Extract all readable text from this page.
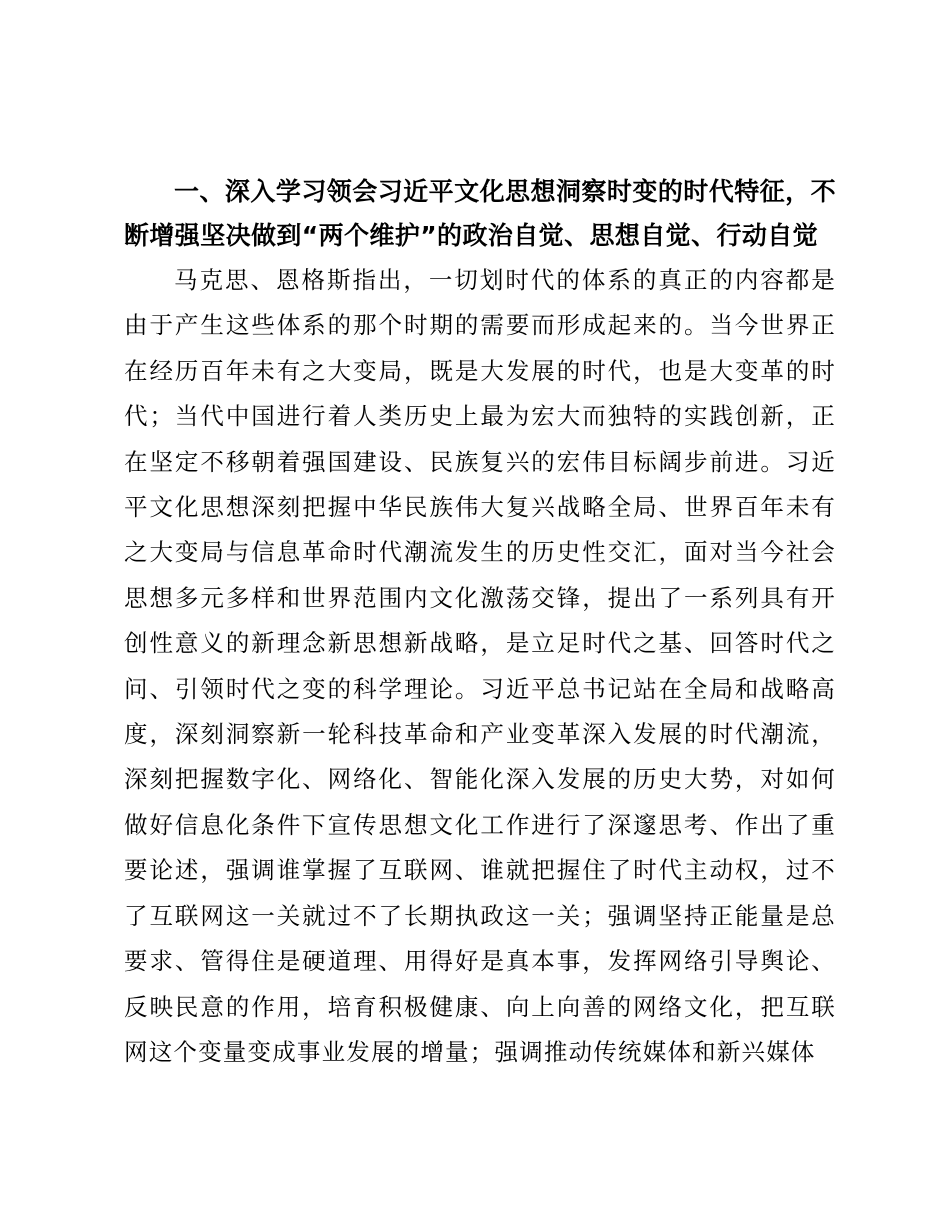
一、深入学习领会习近平文化思想洞察时变的时代特征，不断增强坚决做到“两个维护”的政治自觉、思想自觉、行动自觉

马克思、恩格斯指出，一切划时代的体系的真正的内容都是由于产生这些体系的那个时期的需要而形成起来的。当今世界正在经历百年未有之大变局，既是大发展的时代，也是大变革的时代；当代中国进行着人类历史上最为宏大而独特的实践创新，正在坚定不移朝着强国建设、民族复兴的宏伟目标阔步前进。习近平文化思想深刻把握中华民族伟大复兴战略全局、世界百年未有之大变局与信息革命时代潮流发生的历史性交汇，面对当今社会思想多元多样和世界范围内文化激荡交锋，提出了一系列具有开创性意义的新理念新思想新战略，是立足时代之基、回答时代之问、引领时代之变的科学理论。习近平总书记站在全局和战略高度，深刻洞察新一轮科技革命和产业变革深入发展的时代潮流，深刻把握数字化、网络化、智能化深入发展的历史大势，对如何做好信息化条件下宣传思想文化工作进行了深邃思考、作出了重要论述，强调谁掌握了互联网、谁就把握住了时代主动权，过不了互联网这一关就过不了长期执政这一关；强调坚持正能量是总要求、管得住是硬道理、用得好是真本事，发挥网络引导舆论、反映民意的作用，培育积极健康、向上向善的网络文化，把互联网这个变量变成事业发展的增量；强调推动传统媒体和新兴媒体
